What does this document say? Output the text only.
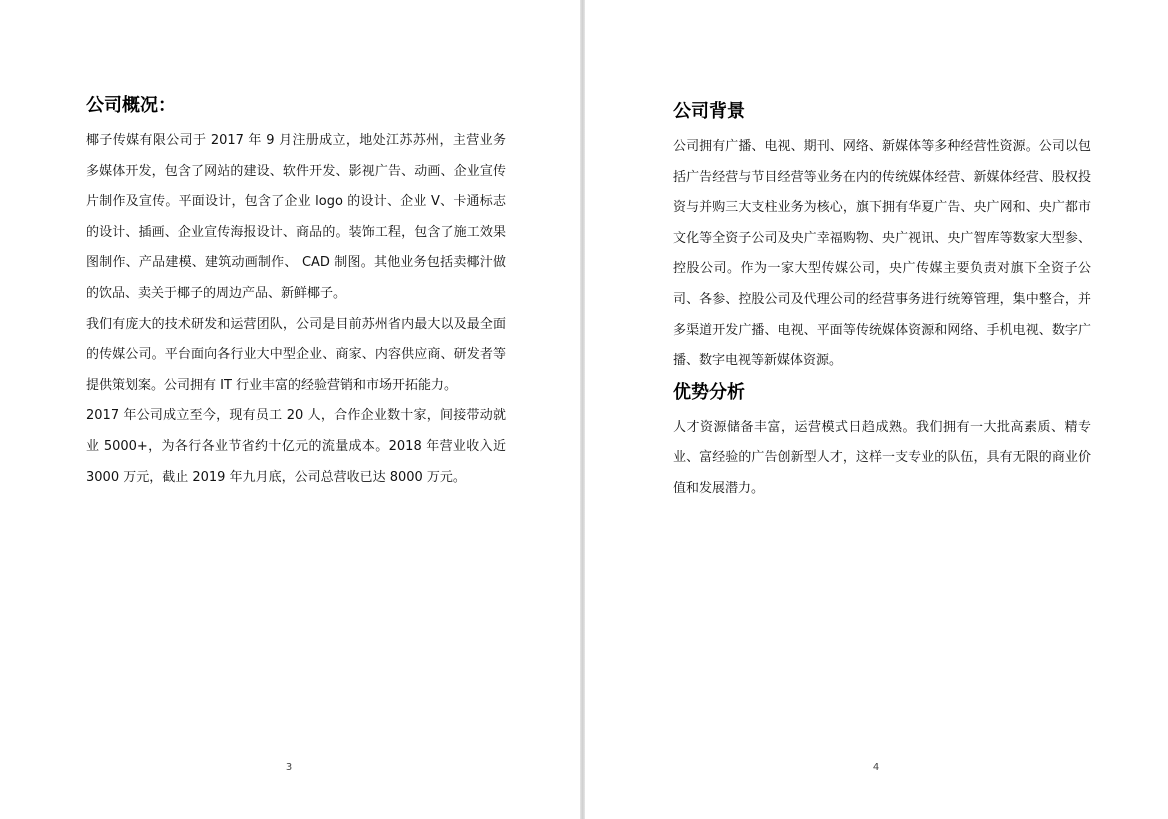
公司概况：

椰子传媒有限公司于 2017 年 9 月注册成立，地处江苏苏州，主营业务多媒体开发，包含了网站的建设、软件开发、影视广告、动画、企业宣传片制作及宣传。平面设计，包含了企业 logo 的设计、企业 V、卡通标志的设计、插画、企业宣传海报设计、商品的。装饰工程，包含了施工效果图制作、产品建模、建筑动画制作、 CAD 制图。其他业务包括卖椰汁做的饮品、卖关于椰子的周边产品、新鲜椰子。

我们有庞大的技术研发和运营团队，公司是目前苏州省内最大以及最全面的传媒公司。平台面向各行业大中型企业、商家、内容供应商、研发者等提供策划案。公司拥有 IT 行业丰富的经验营销和市场开拓能力。

2017 年公司成立至今，现有员工 20 人，合作企业数十家，间接带动就业 5000+，为各行各业节省约十亿元的流量成本。2018 年营业收入近 3000 万元，截止 2019 年九月底，公司总营收已达 8000 万元。

3
公司背景

公司拥有广播、电视、期刊、网络、新媒体等多种经营性资源。公司以包括广告经营与节目经营等业务在内的传统媒体经营、新媒体经营、股权投资与并购三大支柱业务为核心，旗下拥有华夏广告、央广网和、央广都市文化等全资子公司及央广幸福购物、央广视讯、央广智库等数家大型参、控股公司。作为一家大型传媒公司，央广传媒主要负责对旗下全资子公司、各参、控股公司及代理公司的经营事务进行统筹管理，集中整合，并多渠道开发广播、电视、平面等传统媒体资源和网络、手机电视、数字广播、数字电视等新媒体资源。

优势分析

人才资源储备丰富，运营模式日趋成熟。我们拥有一大批高素质、精专业、富经验的广告创新型人才，这样一支专业的队伍，具有无限的商业价值和发展潜力。

4
